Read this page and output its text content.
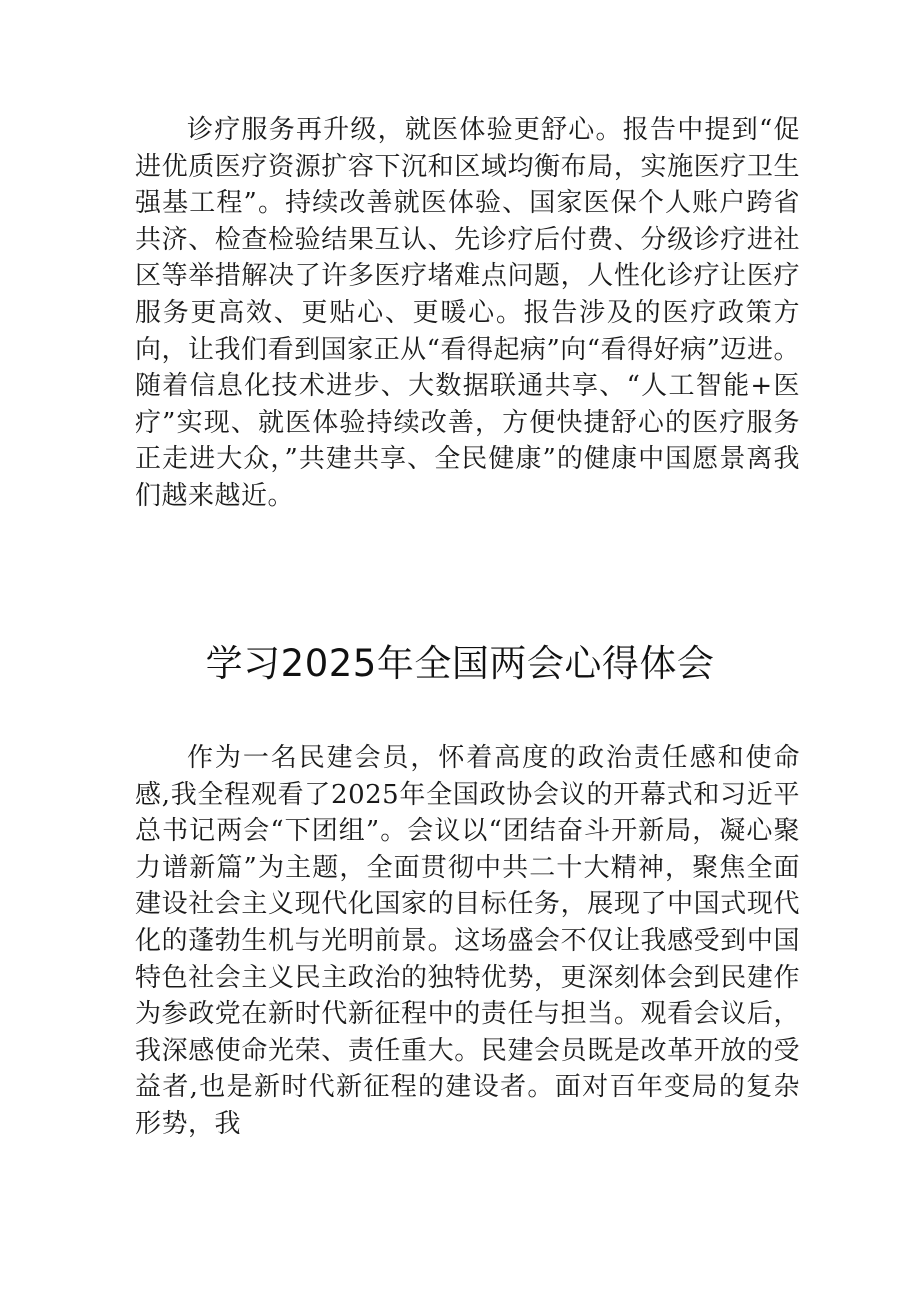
诊疗服务再升级，就医体验更舒心。报告中提到“促进优质医疗资源扩容下沉和区域均衡布局，实施医疗卫生强基工程”。持续改善就医体验、国家医保个人账户跨省共济、检查检验结果互认、先诊疗后付费、分级诊疗进社区等举措解决了许多医疗堵难点问题，人性化诊疗让医疗服务更高效、更贴心、更暖心。报告涉及的医疗政策方向，让我们看到国家正从“看得起病”向“看得好病”迈进。随着信息化技术进步、大数据联通共享、“人工智能+医疗”实现、就医体验持续改善，方便快捷舒心的医疗服务正走进大众，”共建共享、全民健康”的健康中国愿景离我们越来越近。

学习2025年全国两会心得体会

作为一名民建会员，怀着高度的政治责任感和使命感,我全程观看了2025年全国政协会议的开幕式和习近平总书记两会“下团组”。会议以“团结奋斗开新局，凝心聚力谱新篇”为主题，全面贯彻中共二十大精神，聚焦全面建设社会主义现代化国家的目标任务，展现了中国式现代化的蓬勃生机与光明前景。这场盛会不仅让我感受到中国特色社会主义民主政治的独特优势，更深刻体会到民建作为参政党在新时代新征程中的责任与担当。观看会议后，我深感使命光荣、责任重大。民建会员既是改革开放的受益者,也是新时代新征程的建设者。面对百年变局的复杂形势，我
